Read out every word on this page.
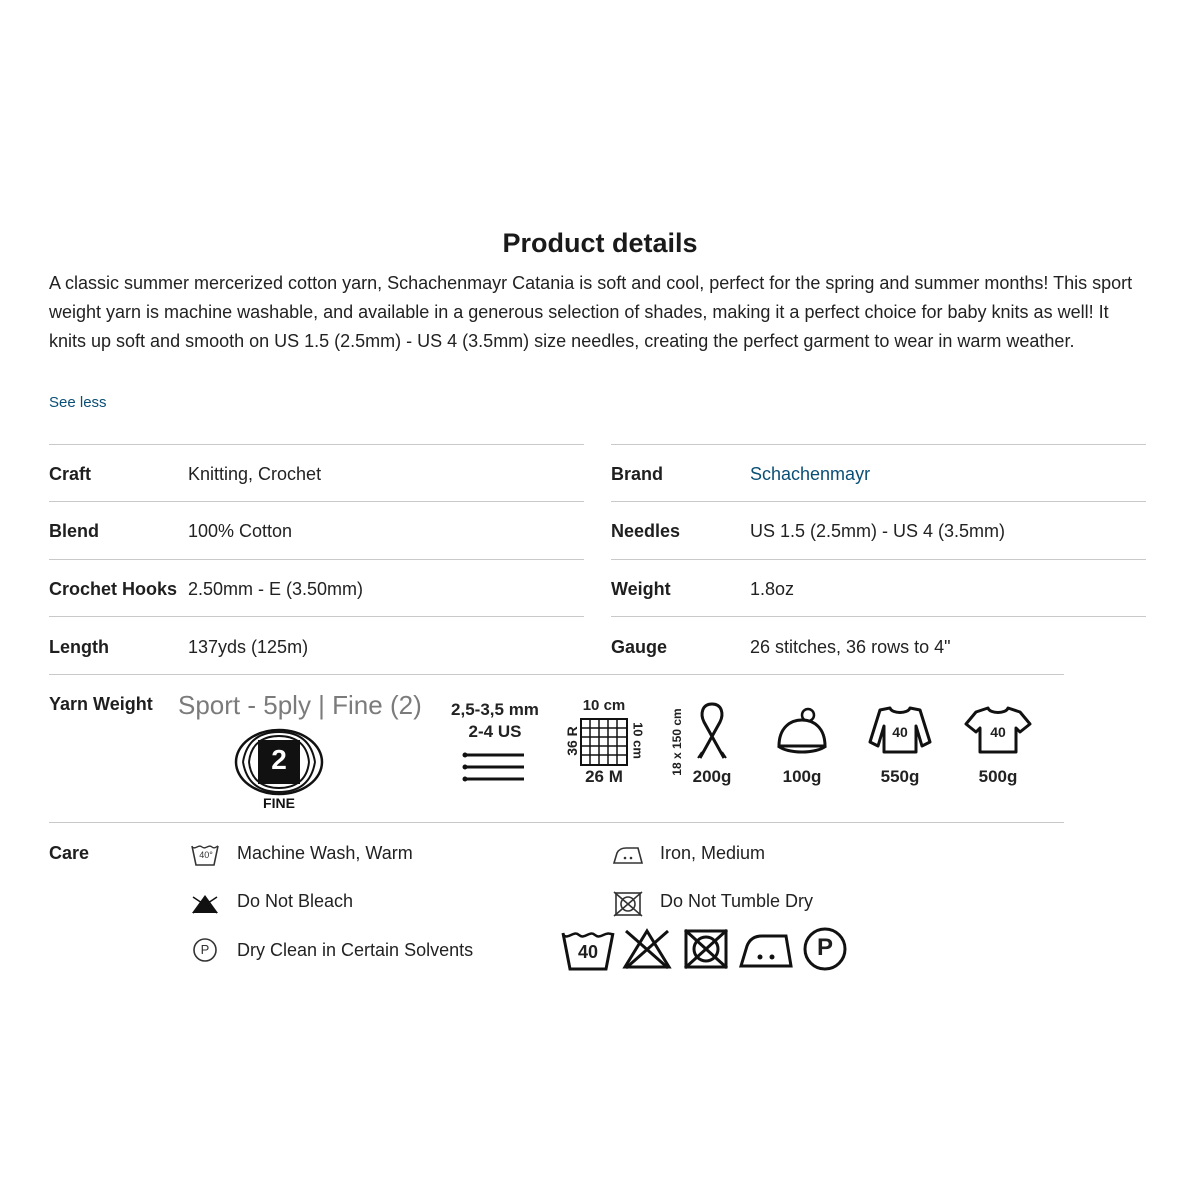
Product details

A classic summer mercerized cotton yarn, Schachenmayr Catania is soft and cool, perfect for the spring and summer months! This sport weight yarn is machine washable, and available in a generous selection of shades, making it a perfect choice for baby knits as well! It knits up soft and smooth on US 1.5 (2.5mm) - US 4 (3.5mm) size needles, creating the perfect garment to wear in warm weather.

See less
Craft	Knitting, Crochet
Blend	100% Cotton
Crochet Hooks 2.50mm - E (3.50mm)
Length	137yds (125m)
Brand	Schachenmayr
Needles	US 1.5 (2.5mm) - US 4 (3.5mm)
Weight	1.8oz
Gauge	26 stitches, 36 rows to 4"
Yarn Weight Sport - 5ply | Fine (2)
2
FINE
2,5-3,5 mm
2-4 US
10 cm
36 R	10 cm
26 M
18 x 150 cm
200g	100g
40
550g
40
500g
Care	40° Machine Wash, Warm
Do Not Bleach
P	Dry Clean in Certain Solvents
Iron, Medium
Do Not Tumble Dry
40	P
